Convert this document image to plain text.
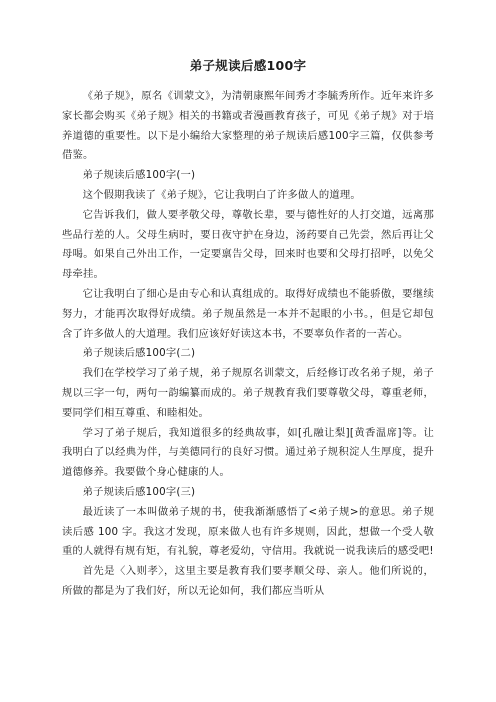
弟子规读后感100字

《弟子规》，原名《训蒙文》，为清朝康熙年间秀才李毓秀所作。近年来许多家长都会购买《弟子规》相关的书籍或者漫画教育孩子，可见《弟子规》对于培养道德的重要性。以下是小编给大家整理的弟子规读后感100字三篇，仅供参考借鉴。

弟子规读后感100字(一)

这个假期我读了《弟子规》，它让我明白了许多做人的道理。

它告诉我们，做人要孝敬父母，尊敬长辈，要与德性好的人打交道，远离那些品行差的人。父母生病时，要日夜守护在身边，汤药要自己先尝，然后再让父母喝。如果自己外出工作，一定要禀告父母，回来时也要和父母打招呼，以免父母牵挂。

它让我明白了细心是由专心和认真组成的。取得好成绩也不能骄傲，要继续努力，才能再次取得好成绩。弟子规虽然是一本并不起眼的小书。，但是它却包含了许多做人的大道理。我们应该好好读这本书，不要辜负作者的一苦心。

弟子规读后感100字(二)

我们在学校学习了弟子规，弟子规原名训蒙文，后经修订改名弟子规，弟子规以三字一句，两句一韵编纂而成的。弟子规教育我们要尊敬父母，尊重老师，要同学们相互尊重、和睦相处。

学习了弟子规后，我知道很多的经典故事，如[孔融让梨][黄香温席]等。让我明白了以经典为伴，与美德同行的良好习惯。通过弟子规积淀人生厚度，提升道德修养。我要做个身心健康的人。

弟子规读后感100字(三)

最近读了一本叫做弟子规的书，使我渐渐感悟了<弟子规>的意思。弟子规读后感 100 字。我这才发现，原来做人也有许多规则，因此，想做一个受人敬重的人就得有规有矩，有礼貌，尊老爱幼，守信用。我就说一说我读后的感受吧!

首先是〈入则孝〉，这里主要是教育我们要孝顺父母、亲人。他们所说的，所做的都是为了我们好，所以无论如何，我们都应当听从
